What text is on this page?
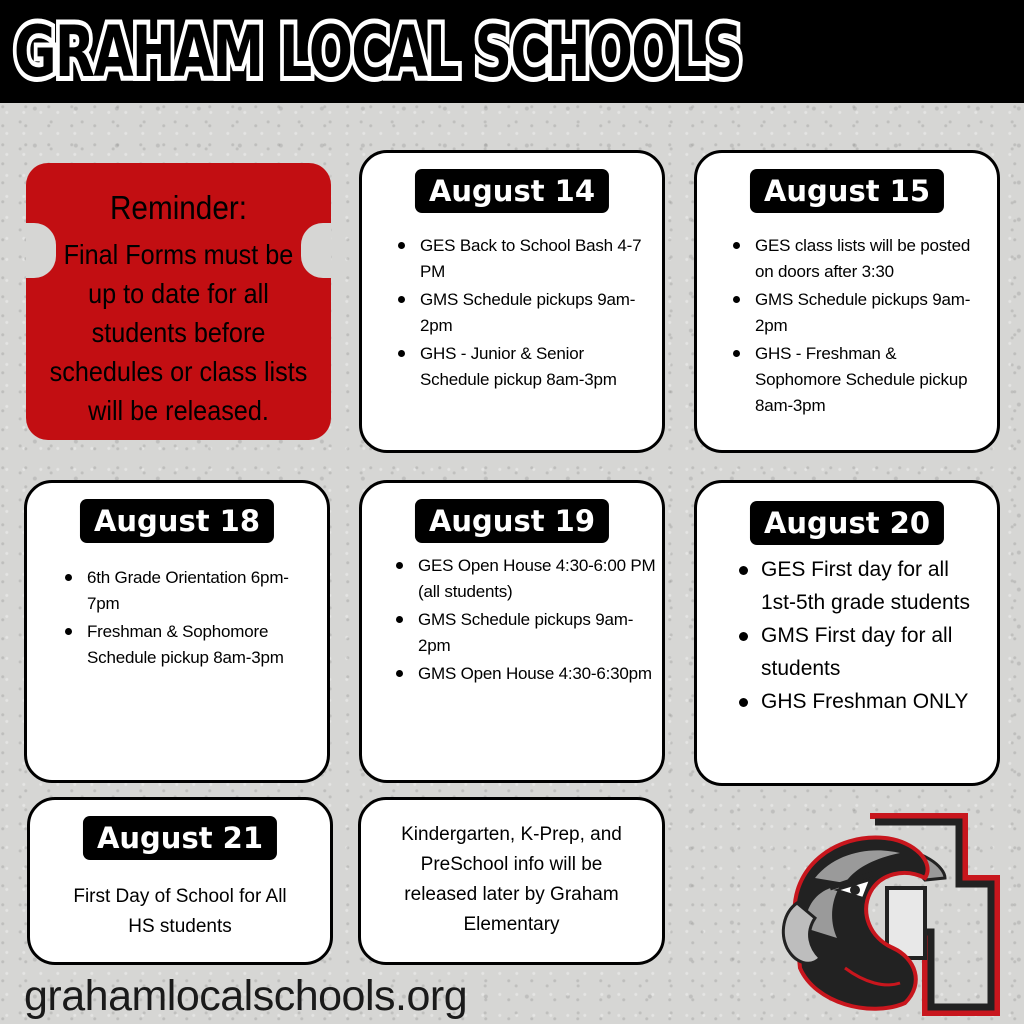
GRAHAM LOCAL SCHOOLS
Reminder:
Final Forms must be up to date for all students before schedules or class lists will be released.
August 14
GES Back to School Bash 4-7 PM
GMS Schedule pickups 9am-2pm
GHS - Junior & Senior Schedule pickup 8am-3pm
August 15
GES class lists will be posted on doors after 3:30
GMS Schedule pickups 9am-2pm
GHS - Freshman & Sophomore Schedule pickup 8am-3pm
August 18
6th Grade Orientation 6pm-7pm
Freshman & Sophomore Schedule pickup 8am-3pm
August 19
GES Open House 4:30-6:00 PM (all students)
GMS Schedule pickups 9am-2pm
GMS Open House 4:30-6:30pm
August 20
GES First day for all 1st-5th grade students
GMS First day for all students
GHS Freshman ONLY
August 21
First Day of School for All HS students
Kindergarten, K-Prep, and PreSchool info will be released later by Graham Elementary
grahamlocalschools.org
